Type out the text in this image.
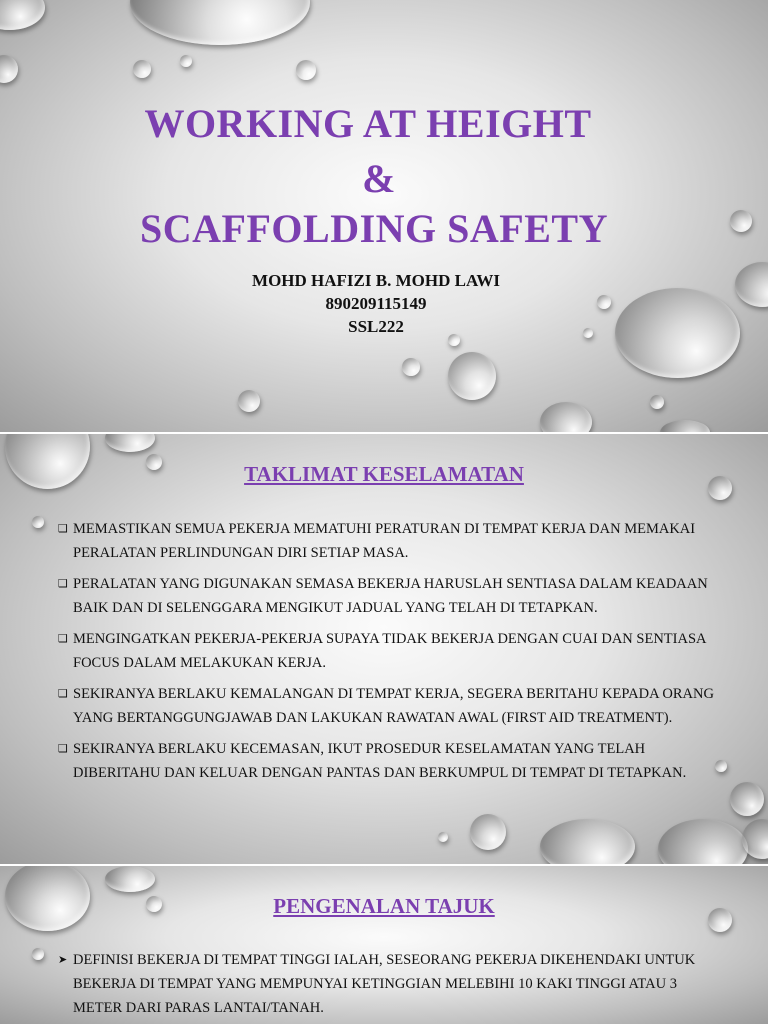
WORKING AT HEIGHT
&
SCAFFOLDING SAFETY
MOHD HAFIZI B. MOHD LAWI
890209115149
SSL222
TAKLIMAT KESELAMATAN
❑ MEMASTIKAN SEMUA PEKERJA MEMATUHI PERATURAN DI TEMPAT KERJA DAN MEMAKAI PERALATAN PERLINDUNGAN DIRI SETIAP MASA.
❑ PERALATAN YANG DIGUNAKAN SEMASA BEKERJA HARUSLAH SENTIASA DALAM KEADAAN BAIK DAN DI SELENGGARA MENGIKUT JADUAL YANG TELAH DI TETAPKAN.
❑ MENGINGATKAN PEKERJA-PEKERJA SUPAYA TIDAK BEKERJA DENGAN CUAI DAN SENTIASA FOCUS DALAM MELAKUKAN KERJA.
❑ SEKIRANYA BERLAKU KEMALANGAN DI TEMPAT KERJA, SEGERA BERITAHU KEPADA ORANG YANG BERTANGGUNGJAWAB DAN LAKUKAN RAWATAN AWAL (FIRST AID TREATMENT).
❑ SEKIRANYA BERLAKU KECEMASAN, IKUT PROSEDUR KESELAMATAN YANG TELAH DIBERITAHU DAN KELUAR DENGAN PANTAS DAN BERKUMPUL DI TEMPAT DI TETAPKAN.
PENGENALAN TAJUK
➤ DEFINISI BEKERJA DI TEMPAT TINGGI IALAH, SESEORANG PEKERJA DIKEHENDAKI UNTUK BEKERJA DI TEMPAT YANG MEMPUNYAI KETINGGIAN MELEBIHI 10 KAKI TINGGI ATAU 3 METER DARI PARAS LANTAI/TANAH.
